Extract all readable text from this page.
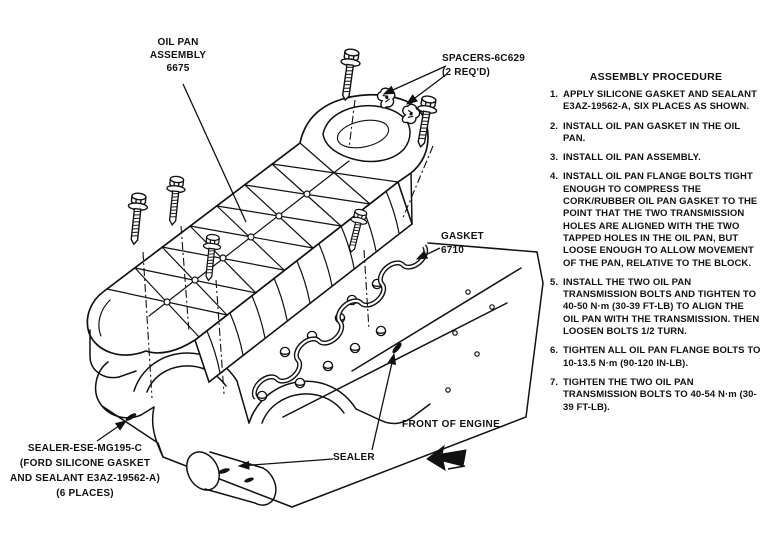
OIL PAN
ASSEMBLY
6675
SPACERS-6C629
(2 REQ'D)
GASKET
6710
SEALER-ESE-MG195-C
(FORD SILICONE GASKET
AND SEALANT E3AZ-19562-A)
(6 PLACES)
SEALER
FRONT OF ENGINE
ASSEMBLY PROCEDURE
1. APPLY SILICONE GASKET AND SEALANT E3AZ-19562-A, SIX PLACES AS SHOWN.
2. INSTALL OIL PAN GASKET IN THE OIL PAN.
3. INSTALL OIL PAN ASSEMBLY.
4. INSTALL OIL PAN FLANGE BOLTS TIGHT ENOUGH TO COMPRESS THE CORK/RUBBER OIL PAN GASKET TO THE POINT THAT THE TWO TRANSMISSION HOLES ARE ALIGNED WITH THE TWO TAPPED HOLES IN THE OIL PAN, BUT LOOSE ENOUGH TO ALLOW MOVEMENT OF THE PAN, RELATIVE TO THE BLOCK.
5. INSTALL THE TWO OIL PAN TRANSMISSION BOLTS AND TIGHTEN TO 40-50 N·m (30-39 FT-LB) TO ALIGN THE OIL PAN WITH THE TRANSMISSION. THEN LOOSEN BOLTS 1/2 TURN.
6. TIGHTEN ALL OIL PAN FLANGE BOLTS TO 10-13.5 N·m (90-120 IN-LB).
7. TIGHTEN THE TWO OIL PAN TRANSMISSION BOLTS TO 40-54 N·m (30-39 FT-LB).
